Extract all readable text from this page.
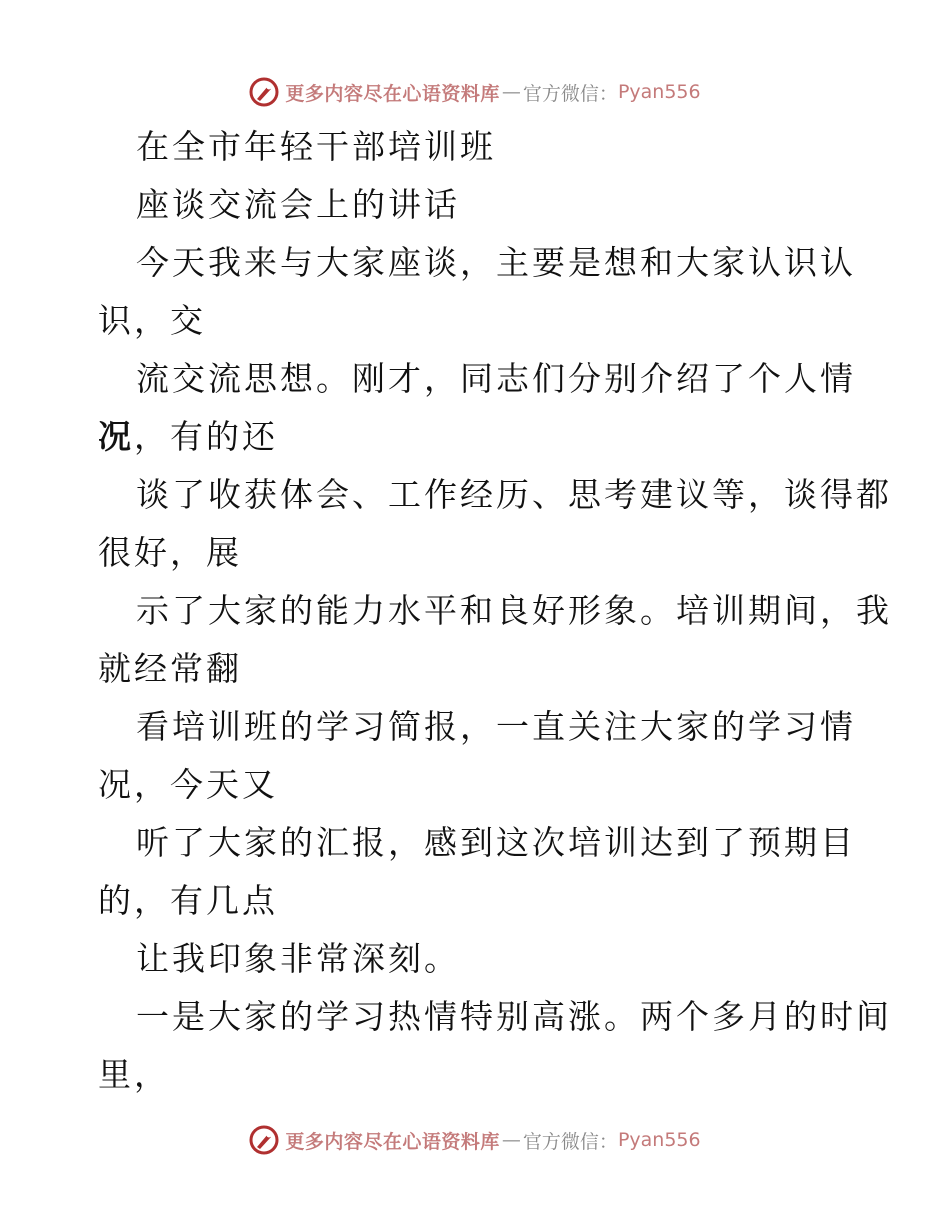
更多内容尽在心语资料库 — 官方微信： Pyan556
在全市年轻干部培训班
座谈交流会上的讲话
今天我来与大家座谈，主要是想和大家认识认
识，交
流交流思想。刚才，同志们分别介绍了个人情
况，有的还
谈了收获体会、工作经历、思考建议等，谈得都
很好，展
示了大家的能力水平和良好形象。培训期间，我
就经常翻
看培训班的学习简报，一直关注大家的学习情
况，今天又
听了大家的汇报，感到这次培训达到了预期目
的，有几点
让我印象非常深刻。
一是大家的学习热情特别高涨。两个多月的时间
里，
更多内容尽在心语资料库 — 官方微信： Pyan556
